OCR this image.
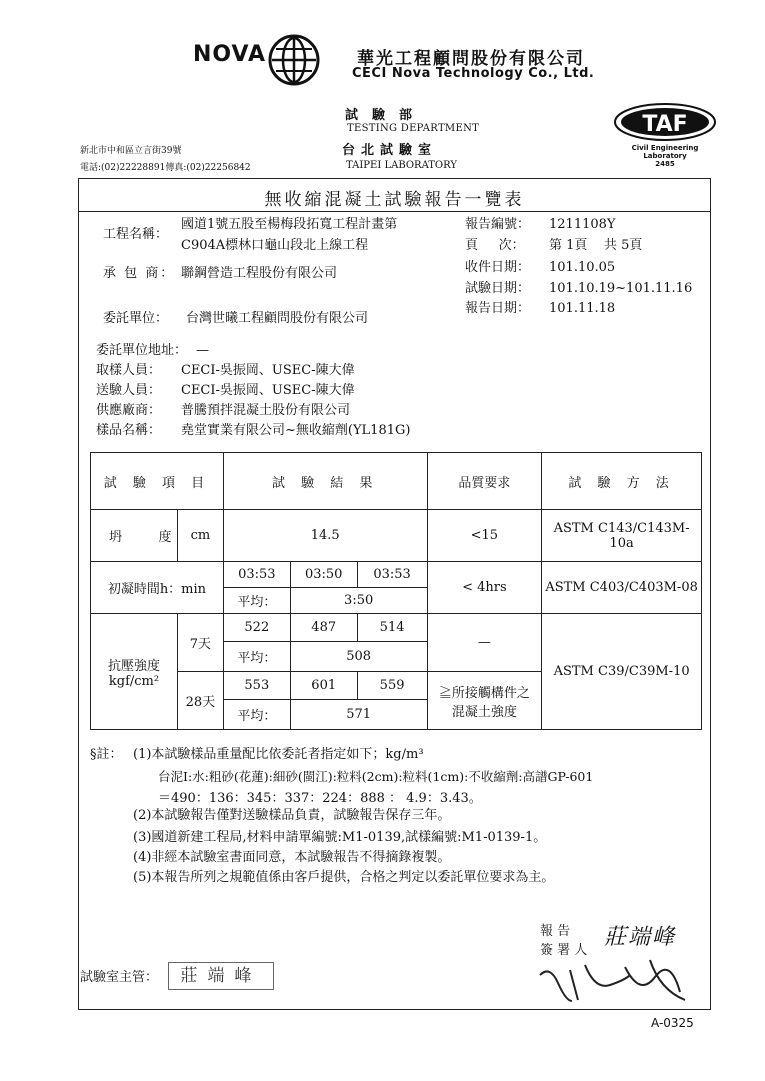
NOVA	華光工程顧問股份有限公司
CECI Nova Technology Co., Ltd.
試驗部
TESTING DEPARTMENT
台北試驗室
TAIPEI LABORATORY
新北市中和區立言街39號
電話:(02)22228891傳真:(02)22256842
TAF
Civil Engineering
Laboratory
2485
無收縮混凝土試驗報告一覽表
工程名稱：
國道1號五股至楊梅段拓寬工程計畫第
C904A標林口龜山段北上線工程
承 包 商： 聯鋼營造工程股份有限公司
委託單位： 台灣世曦工程顧問股份有限公司
報告編號： 1211108Y
頁     次： 第 1頁    共 5頁
收件日期： 101.10.05
試驗日期： 101.10.19~101.11.16
報告日期： 101.11.18
委託單位地址： —
取樣人員： CECI-吳振岡、USEC-陳大偉
送驗人員： CECI-吳振岡、USEC-陳大偉
供應廠商： 普騰預拌混凝土股份有限公司
樣品名稱： 堯堂實業有限公司~無收縮劑(YL181G)
試 驗 項 目		試 驗 結 果			品質要求	試 驗 方 法
坍    度	cm	14.5			<15	ASTM C143/C143M-10a
初凝時間h：min		03:53	03:50	03:53	< 4hrs	ASTM C403/C403M-08
		平均：	3:50			

抗壓強度
kgf/cm²	7天	522	487	514	—	ASTM C39/C39M-10
		平均：	508			
	28天	553	601	559	≧所接觸構件之
混凝土強度	

		平均：	571			
§註： (1)本試驗樣品重量配比依委託者指定如下；kg/m³
台泥Ⅰ:水:粗砂(花蓮):細砂(閩江):粒料(2cm):粒料(1cm):不收縮劑:高譜GP-601
＝490：136：345：337：224：888 ： 4.9：3.43。
(2)本試驗報告僅對送驗樣品負責，試驗報告保存三年。
(3)國道新建工程局,材料申請單編號:M1-0139,試樣編號:M1-0139-1。
(4)非經本試驗室書面同意，本試驗報告不得摘錄複製。
(5)本報告所列之規範值係由客戶提供，合格之判定以委託單位要求為主。
報 告
簽 署 人
莊端峰
試驗室主管：	莊端峰
A-0325
